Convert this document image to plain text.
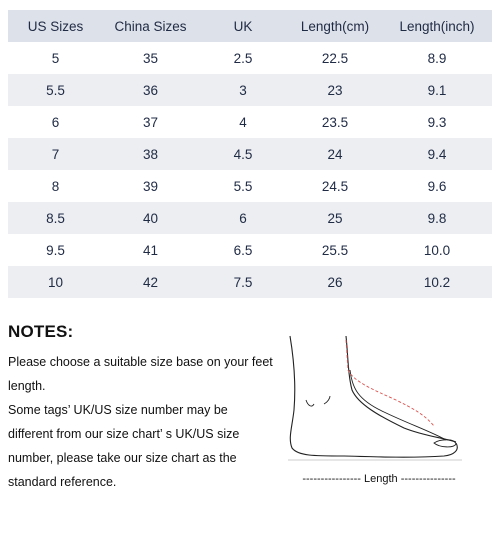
US Sizes	China Sizes	UK	Length(cm)	Length(inch)
5	35	2.5	22.5	8.9
5.5	36	3	23	9.1
6	37	4	23.5	9.3
7	38	4.5	24	9.4
8	39	5.5	24.5	9.6
8.5	40	6	25	9.8
9.5	41	6.5	25.5	10.0
10	42	7.5	26	10.2
NOTES:

Please choose a suitable size base on your feet length.

Some tags’ UK/US size number may be different from our size chart’ s UK/US size number, please take our size chart as the standard reference.	---------------- Length ---------------
